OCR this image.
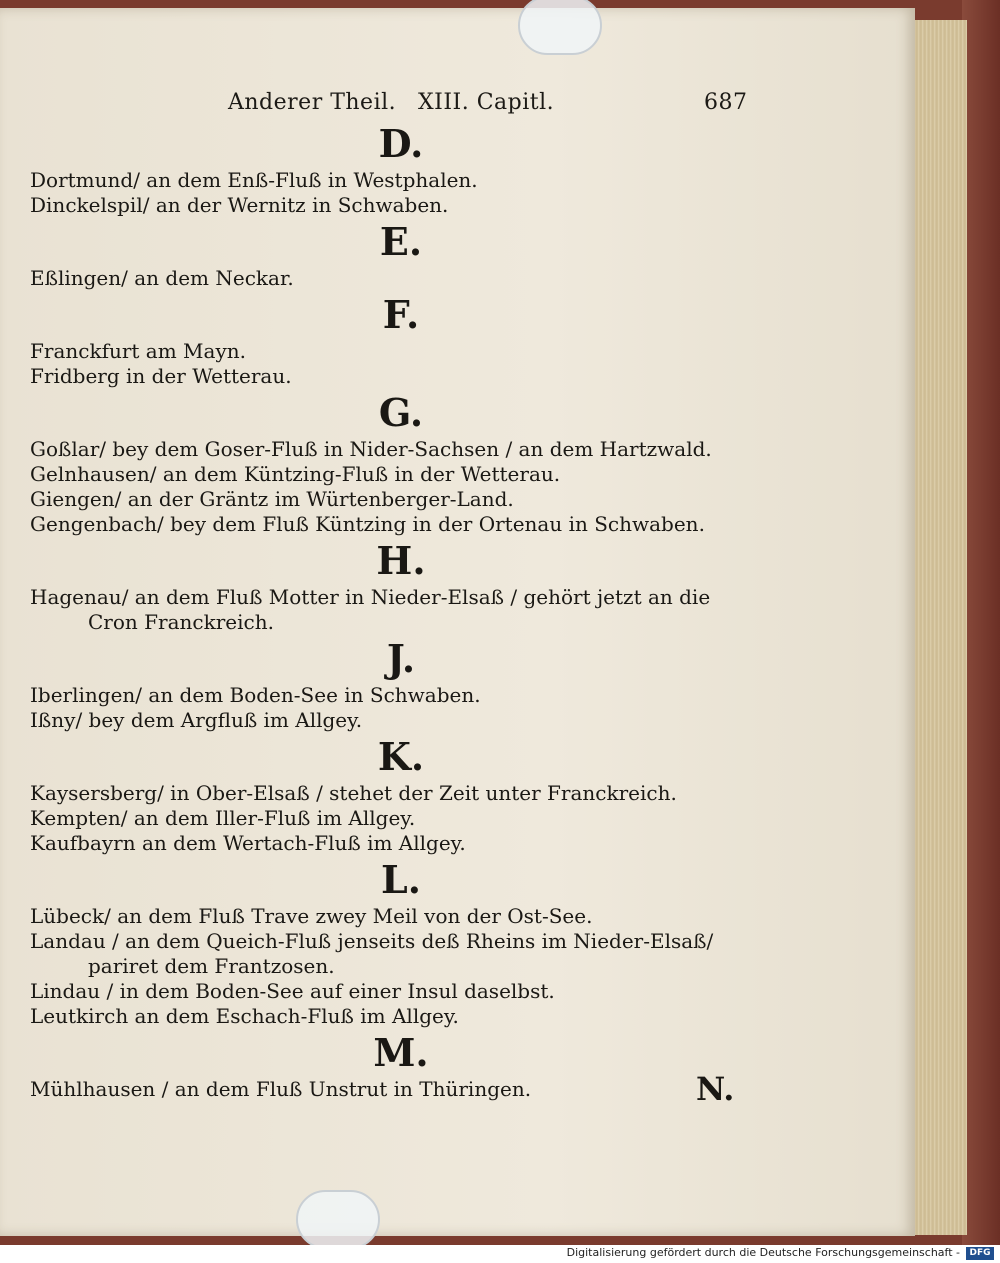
Anderer Theil. XIII. Capitl.	687
D.

Dortmund/ an dem Enß-Fluß in Westphalen.

Dinckelspil/ an der Wernitz in Schwaben.

E.

Eßlingen/ an dem Neckar.

F.

Franckfurt am Mayn.

Fridberg in der Wetterau.

G.

Goßlar/ bey dem Goser-Fluß in Nider-Sachsen / an dem Hartzwald.

Gelnhausen/ an dem Küntzing-Fluß in der Wetterau.

Giengen/ an der Gräntz im Würtenberger-Land.

Gengenbach/ bey dem Fluß Küntzing in der Ortenau in Schwaben.

H.

Hagenau/ an dem Fluß Motter in Nieder-Elsaß / gehört jetzt an die Cron Franckreich.

J.

Iberlingen/ an dem Boden-See in Schwaben.

Ißny/ bey dem Argfluß im Allgey.

K.

Kaysersberg/ in Ober-Elsaß / stehet der Zeit unter Franckreich.

Kempten/ an dem Iller-Fluß im Allgey.

Kaufbayrn an dem Wertach-Fluß im Allgey.

L.

Lübeck/ an dem Fluß Trave zwey Meil von der Ost-See.

Landau / an dem Queich-Fluß jenseits deß Rheins im Nieder-Elsaß/ pariret dem Frantzosen.

Lindau / in dem Boden-See auf einer Insul daselbst.

Leutkirch an dem Eschach-Fluß im Allgey.

M.

Mühlhausen / an dem Fluß Unstrut in Thüringen.	N.
Digitalisierung gefördert durch die Deutsche Forschungsgemeinschaft -	DFG
